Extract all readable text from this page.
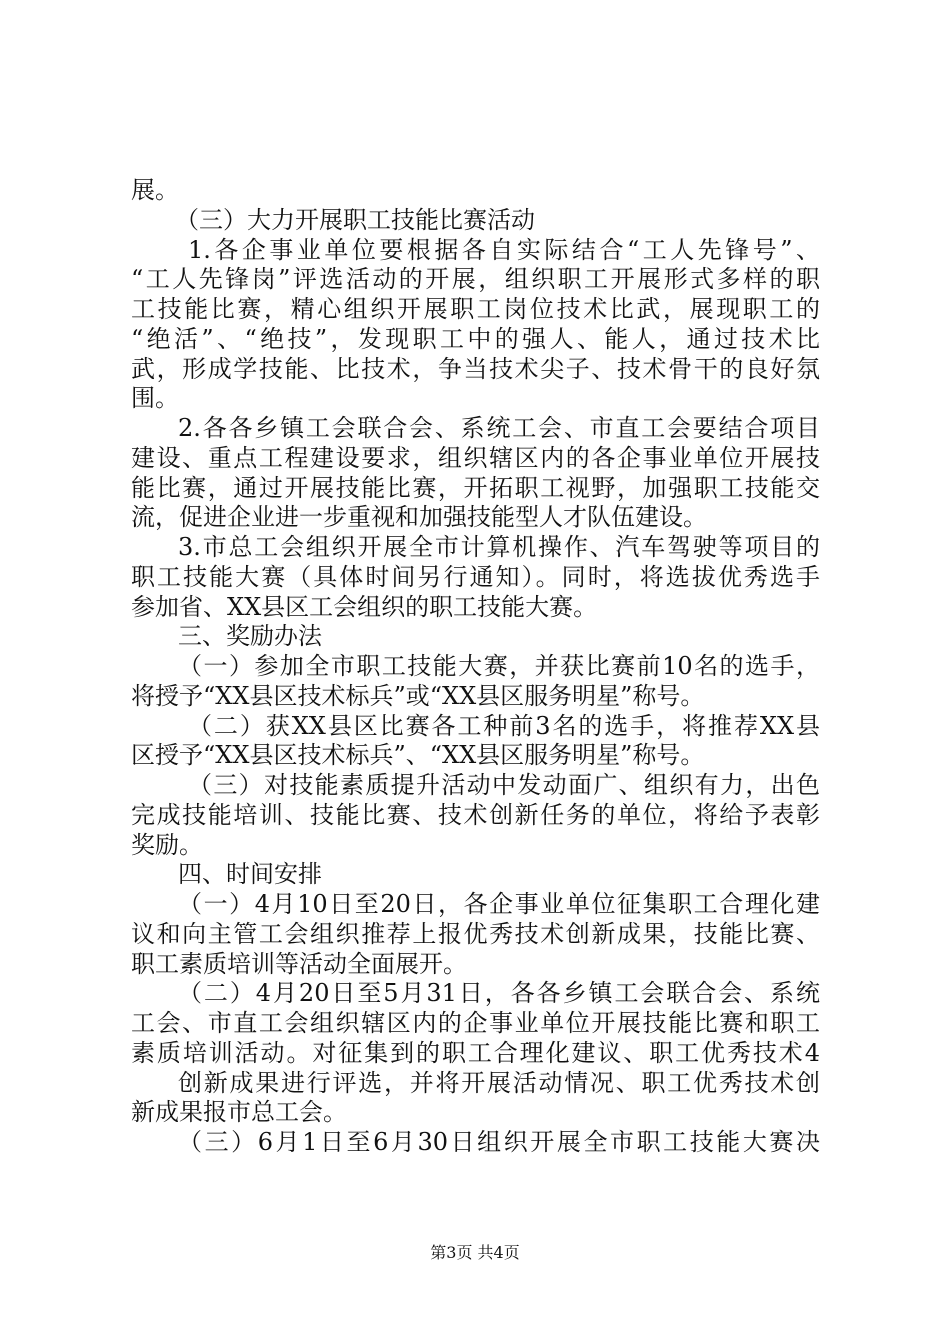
展。
（三）大力开展职工技能比赛活动
1.各企事业单位要根据各自实际结合“工人先锋号”、
“工人先锋岗”评选活动的开展，组织职工开展形式多样的职
工技能比赛，精心组织开展职工岗位技术比武，展现职工的
“绝活”、“绝技”，发现职工中的强人、能人，通过技术比
武，形成学技能、比技术，争当技术尖子、技术骨干的良好氛
围。
2.各各乡镇工会联合会、系统工会、市直工会要结合项目
建设、重点工程建设要求，组织辖区内的各企事业单位开展技
能比赛，通过开展技能比赛，开拓职工视野，加强职工技能交
流，促进企业进一步重视和加强技能型人才队伍建设。
3.市总工会组织开展全市计算机操作、汽车驾驶等项目的
职工技能大赛（具体时间另行通知）。同时，将选拔优秀选手
参加省、XX县区工会组织的职工技能大赛。
三、奖励办法
（一）参加全市职工技能大赛，并获比赛前10名的选手，
将授予“XX县区技术标兵”或“XX县区服务明星”称号。
（二）获XX县区比赛各工种前3名的选手，将推荐XX县
区授予“XX县区技术标兵”、“XX县区服务明星”称号。
（三）对技能素质提升活动中发动面广、组织有力，出色
完成技能培训、技能比赛、技术创新任务的单位，将给予表彰
奖励。
四、时间安排
（一）4月10日至20日，各企事业单位征集职工合理化建
议和向主管工会组织推荐上报优秀技术创新成果，技能比赛、
职工素质培训等活动全面展开。
（二）4月20日至5月31日，各各乡镇工会联合会、系统
工会、市直工会组织辖区内的企事业单位开展技能比赛和职工
素质培训活动。对征集到的职工合理化建议、职工优秀技术4
创新成果进行评选，并将开展活动情况、职工优秀技术创
新成果报市总工会。
（三）6月1日至6月30日组织开展全市职工技能大赛决
第3页 共4页
